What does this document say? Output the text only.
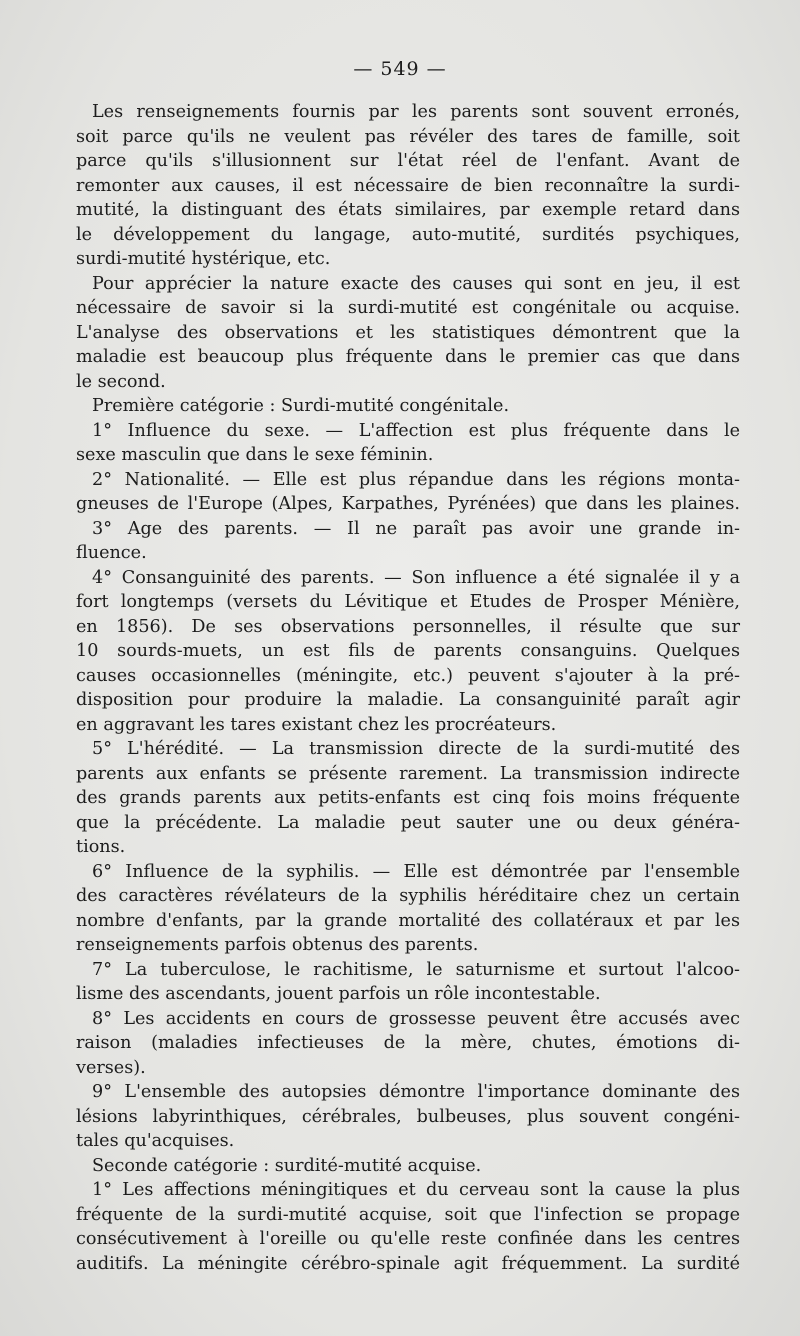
— 549 —
Les renseignements fournis par les parents sont souvent erronés,
soit parce qu'ils ne veulent pas révéler des tares de famille, soit
parce qu'ils s'illusionnent sur l'état réel de l'enfant. Avant de
remonter aux causes, il est nécessaire de bien reconnaître la surdi-
mutité, la distinguant des états similaires, par exemple retard dans
le développement du langage, auto-mutité, surdités psychiques,
surdi-mutité hystérique, etc.
Pour apprécier la nature exacte des causes qui sont en jeu, il est
nécessaire de savoir si la surdi-mutité est congénitale ou acquise.
L'analyse des observations et les statistiques démontrent que la
maladie est beaucoup plus fréquente dans le premier cas que dans
le second.
Première catégorie : Surdi-mutité congénitale.
1° Influence du sexe. — L'affection est plus fréquente dans le
sexe masculin que dans le sexe féminin.
2° Nationalité. — Elle est plus répandue dans les régions monta-
gneuses de l'Europe (Alpes, Karpathes, Pyrénées) que dans les plaines.
3° Age des parents. — Il ne paraît pas avoir une grande in-
fluence.
4° Consanguinité des parents. — Son influence a été signalée il y a
fort longtemps (versets du Lévitique et Etudes de Prosper Ménière,
en 1856). De ses observations personnelles, il résulte que sur
10 sourds-muets, un est fils de parents consanguins. Quelques
causes occasionnelles (méningite, etc.) peuvent s'ajouter à la pré-
disposition pour produire la maladie. La consanguinité paraît agir
en aggravant les tares existant chez les procréateurs.
5° L'hérédité. — La transmission directe de la surdi-mutité des
parents aux enfants se présente rarement. La transmission indirecte
des grands parents aux petits-enfants est cinq fois moins fréquente
que la précédente. La maladie peut sauter une ou deux généra-
tions.
6° Influence de la syphilis. — Elle est démontrée par l'ensemble
des caractères révélateurs de la syphilis héréditaire chez un certain
nombre d'enfants, par la grande mortalité des collatéraux et par les
renseignements parfois obtenus des parents.
7° La tuberculose, le rachitisme, le saturnisme et surtout l'alcoo-
lisme des ascendants, jouent parfois un rôle incontestable.
8° Les accidents en cours de grossesse peuvent être accusés avec
raison (maladies infectieuses de la mère, chutes, émotions di-
verses).
9° L'ensemble des autopsies démontre l'importance dominante des
lésions labyrinthiques, cérébrales, bulbeuses, plus souvent congéni-
tales qu'acquises.
Seconde catégorie : surdité-mutité acquise.
1° Les affections méningitiques et du cerveau sont la cause la plus
fréquente de la surdi-mutité acquise, soit que l'infection se propage
consécutivement à l'oreille ou qu'elle reste confinée dans les centres
auditifs. La méningite cérébro-spinale agit fréquemment. La surdité
